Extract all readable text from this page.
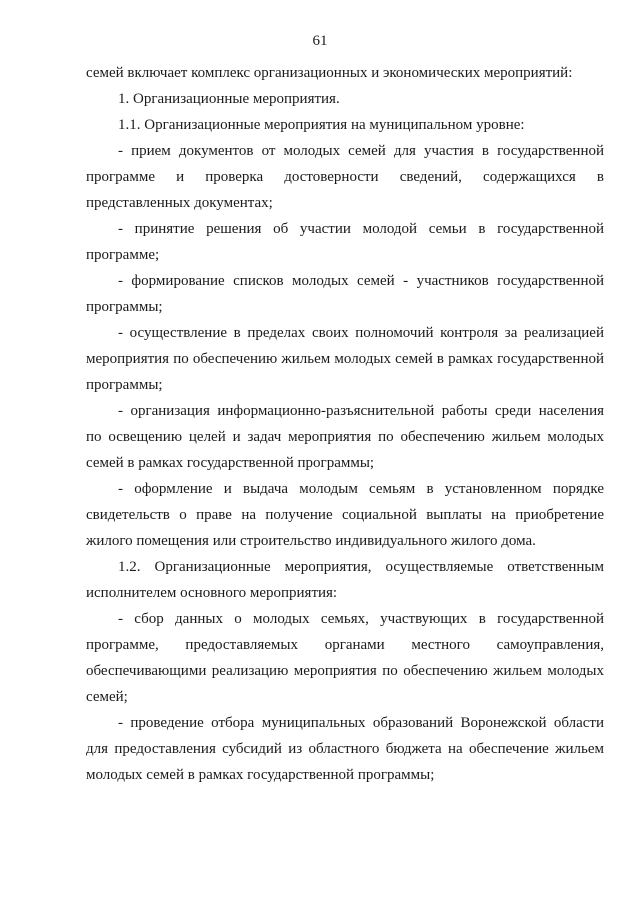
61

семей включает комплекс организационных и экономических мероприятий:

1. Организационные мероприятия.

1.1. Организационные мероприятия на муниципальном уровне:

- прием документов от молодых семей для участия в государственной программе и проверка достоверности сведений, содержащихся в представленных документах;

- принятие решения об участии молодой семьи в государственной программе;

- формирование списков молодых семей - участников государственной программы;

- осуществление в пределах своих полномочий контроля за реализацией мероприятия по обеспечению жильем молодых семей в рамках государственной программы;

- организация информационно-разъяснительной работы среди населения по освещению целей и задач мероприятия по обеспечению жильем молодых семей в рамках государственной программы;

- оформление и выдача молодым семьям в установленном порядке свидетельств о праве на получение социальной выплаты на приобретение жилого помещения или строительство индивидуального жилого дома.

1.2. Организационные мероприятия, осуществляемые ответственным исполнителем основного мероприятия:

- сбор данных о молодых семьях, участвующих в государственной программе, предоставляемых органами местного самоуправления, обеспечивающими реализацию мероприятия по обеспечению жильем молодых семей;

- проведение отбора муниципальных образований Воронежской области для предоставления субсидий из областного бюджета на обеспечение жильем молодых семей в рамках государственной программы;
